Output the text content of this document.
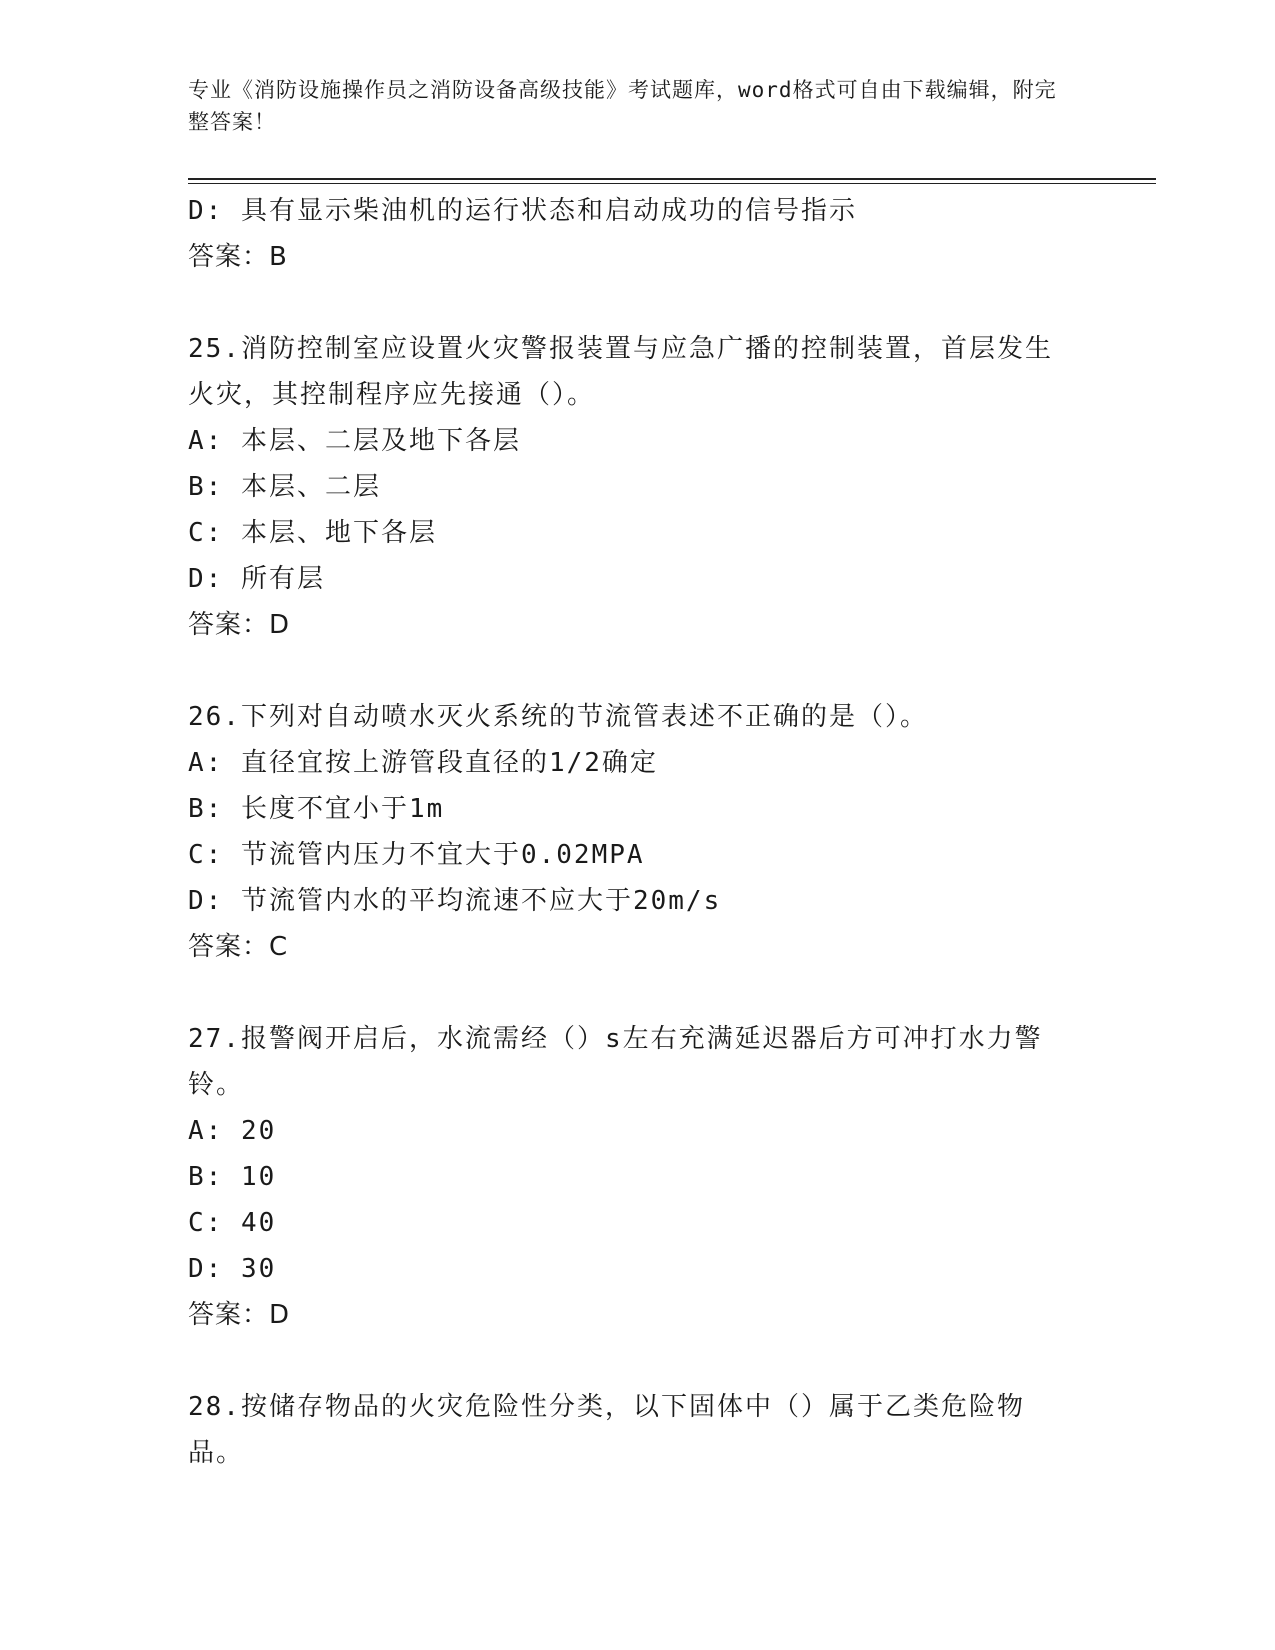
专业《消防设施操作员之消防设备高级技能》考试题库，word格式可自由下载编辑，附完整答案！
D: 具有显示柴油机的运行状态和启动成功的信号指示
答案：B
25.消防控制室应设置火灾警报装置与应急广播的控制装置，首层发生火灾，其控制程序应先接通（）。
A: 本层、二层及地下各层
B: 本层、二层
C: 本层、地下各层
D: 所有层
答案：D
26.下列对自动喷水灭火系统的节流管表述不正确的是（）。
A: 直径宜按上游管段直径的1/2确定
B: 长度不宜小于1m
C: 节流管内压力不宜大于0.02MPA
D: 节流管内水的平均流速不应大于20m/s
答案：C
27.报警阀开启后，水流需经（）s左右充满延迟器后方可冲打水力警铃。
A: 20
B: 10
C: 40
D: 30
答案：D
28.按储存物品的火灾危险性分类，以下固体中（）属于乙类危险物品。
